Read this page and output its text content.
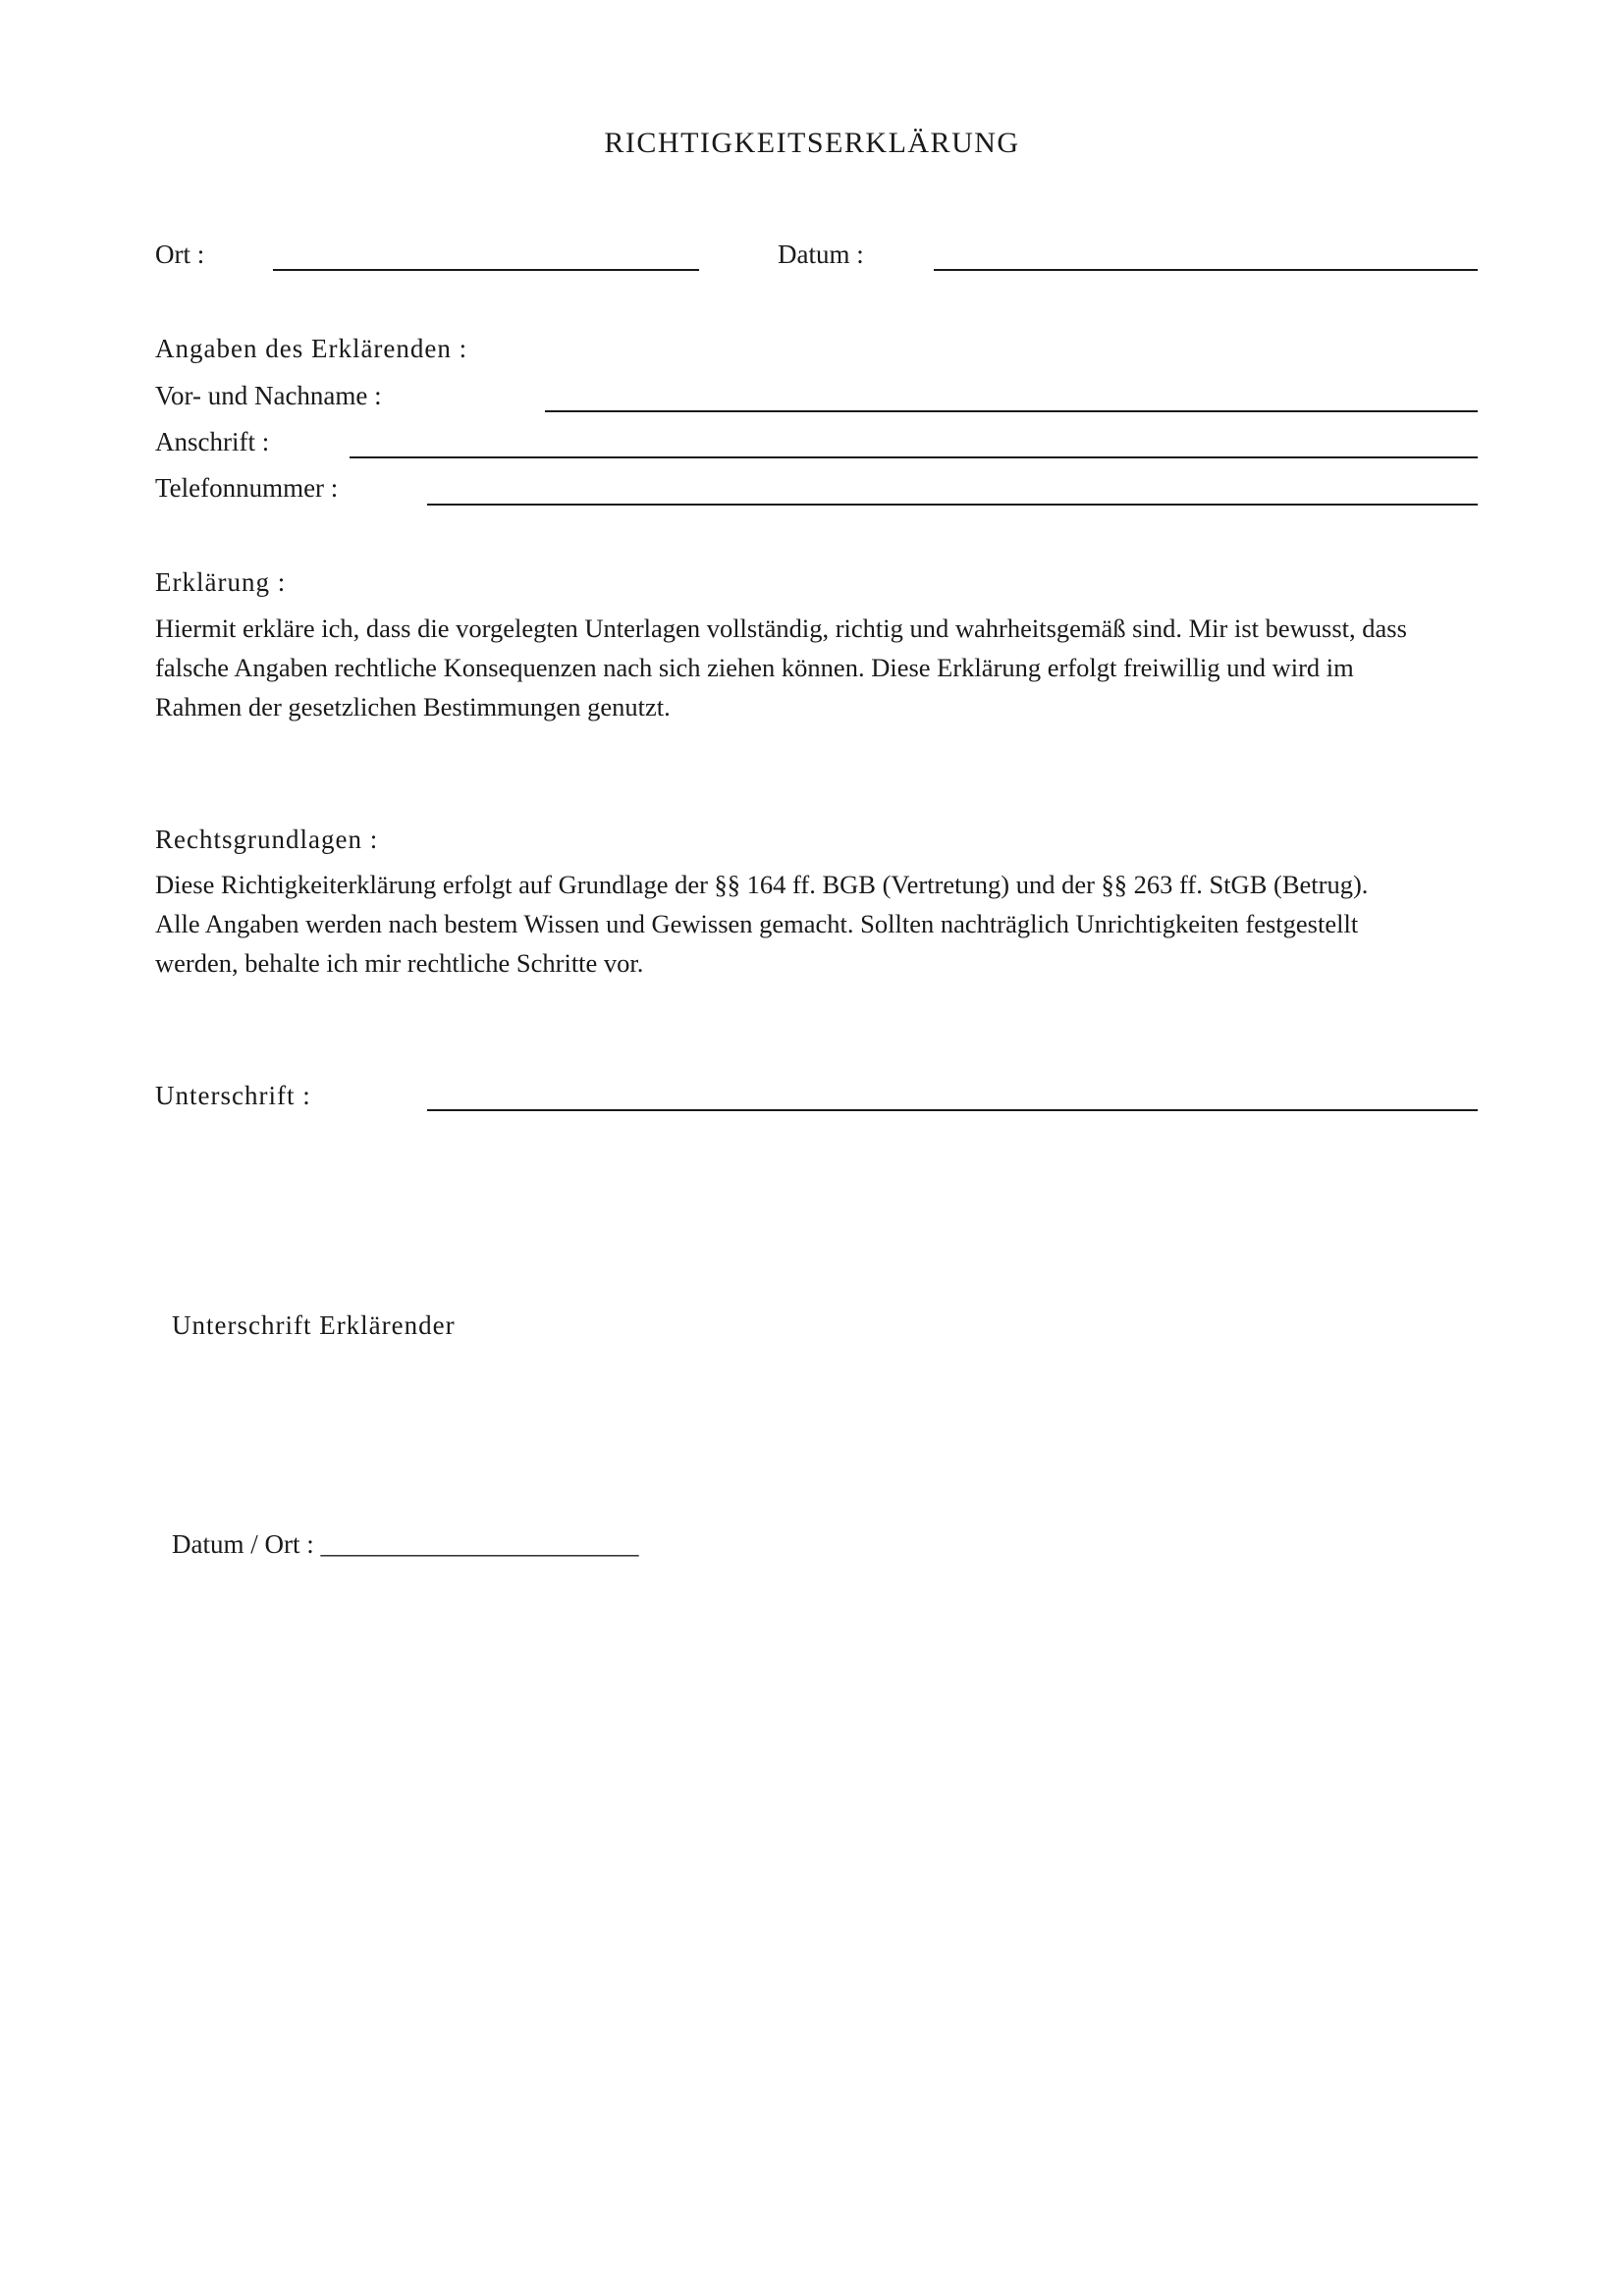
RICHTIGKEITSERKLÄRUNG
Ort :	Datum :
Angaben des Erklärenden :
Vor- und Nachname :
Anschrift :
Telefonnummer :
Erklärung :

Hiermit erkläre ich, dass die vorgelegten Unterlagen vollständig, richtig und wahrheitsgemäß sind. Mir ist bewusst, dass

falsche Angaben rechtliche Konsequenzen nach sich ziehen können. Diese Erklärung erfolgt freiwillig und wird im

Rahmen der gesetzlichen Bestimmungen genutzt.

Rechtsgrundlagen :

Diese Richtigkeiterklärung erfolgt auf Grundlage der §§ 164 ff. BGB (Vertretung) und der §§ 263 ff. StGB (Betrug).

Alle Angaben werden nach bestem Wissen und Gewissen gemacht. Sollten nachträglich Unrichtigkeiten festgestellt

werden, behalte ich mir rechtliche Schritte vor.

Unterschrift :
Unterschrift Erklärender
Datum / Ort : ________________________
